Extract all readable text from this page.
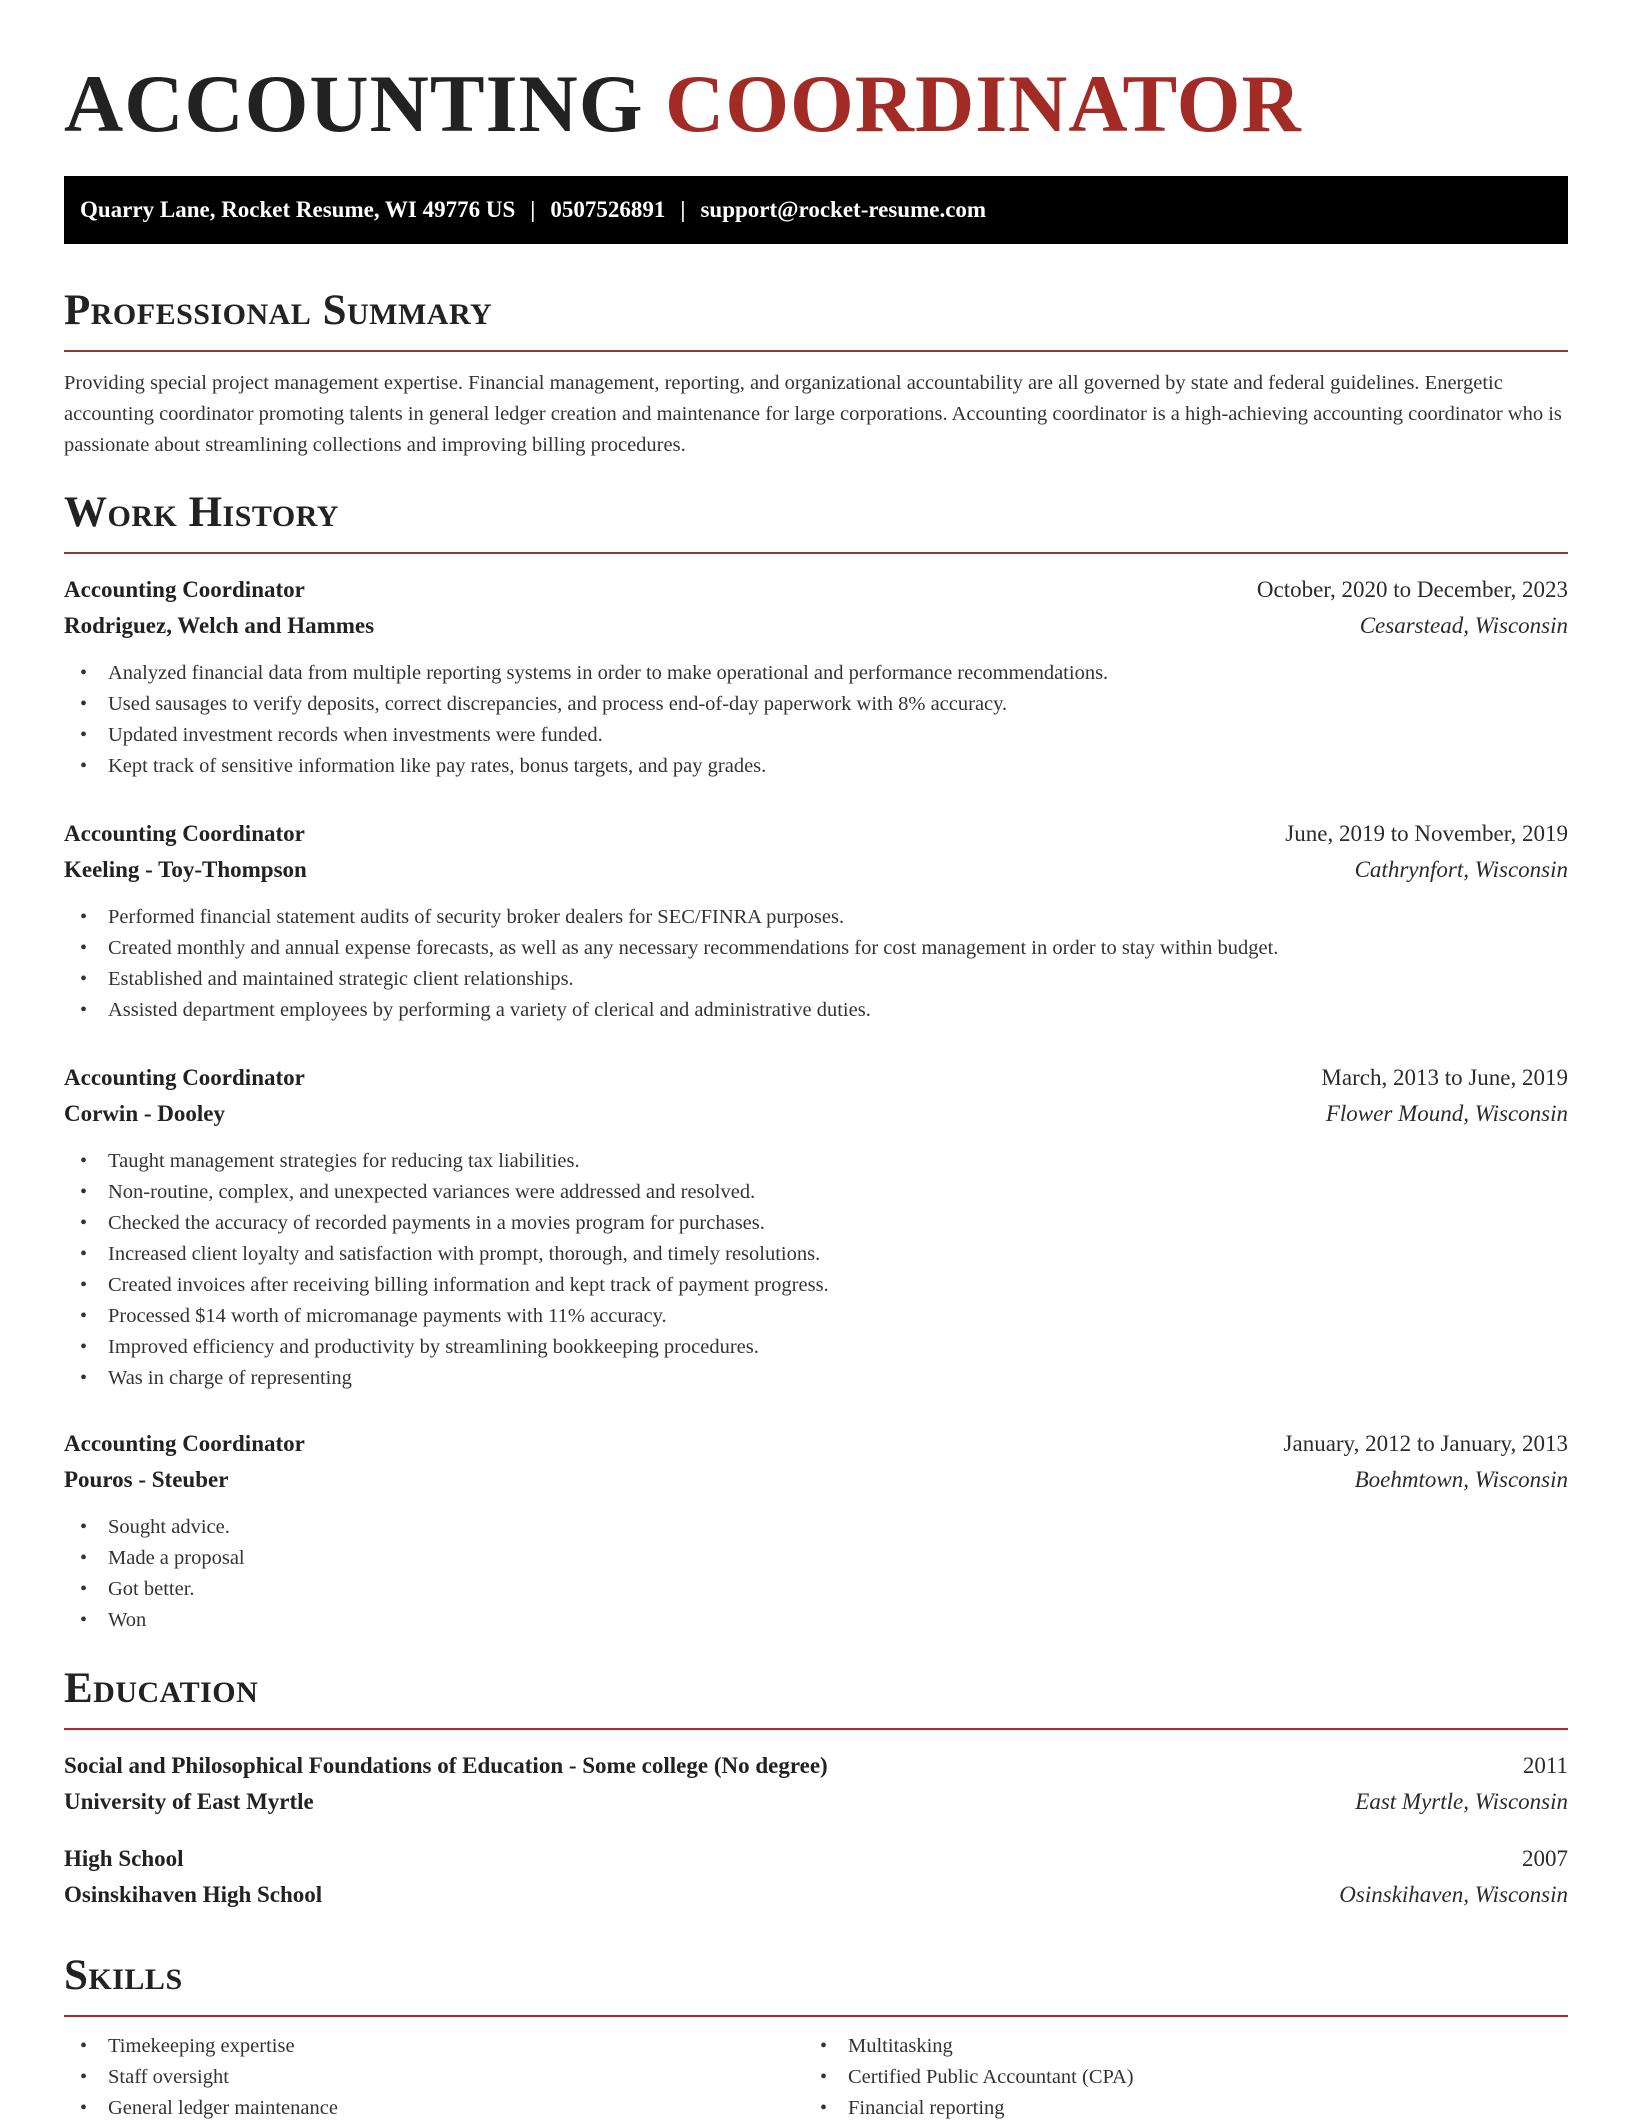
ACCOUNTING COORDINATOR
Quarry Lane, Rocket Resume, WI 49776 US | 0507526891 | support@rocket-resume.com
Professional Summary

Providing special project management expertise. Financial management, reporting, and organizational accountability are all governed by state and federal guidelines. Energetic accounting coordinator promoting talents in general ledger creation and maintenance for large corporations. Accounting coordinator is a high-achieving accounting coordinator who is passionate about streamlining collections and improving billing procedures.

Work History
Accounting Coordinator	October, 2020 to December, 2023
Rodriguez, Welch and Hammes	Cesarstead, Wisconsin
• Analyzed financial data from multiple reporting systems in order to make operational and performance recommendations.
• Used sausages to verify deposits, correct discrepancies, and process end-of-day paperwork with 8% accuracy.
• Updated investment records when investments were funded.
• Kept track of sensitive information like pay rates, bonus targets, and pay grades.
Accounting Coordinator	June, 2019 to November, 2019
Keeling - Toy-Thompson	Cathrynfort, Wisconsin
• Performed financial statement audits of security broker dealers for SEC/FINRA purposes.
• Created monthly and annual expense forecasts, as well as any necessary recommendations for cost management in order to stay within budget.
• Established and maintained strategic client relationships.
• Assisted department employees by performing a variety of clerical and administrative duties.
Accounting Coordinator	March, 2013 to June, 2019
Corwin - Dooley	Flower Mound, Wisconsin
• Taught management strategies for reducing tax liabilities.
• Non-routine, complex, and unexpected variances were addressed and resolved.
• Checked the accuracy of recorded payments in a movies program for purchases.
• Increased client loyalty and satisfaction with prompt, thorough, and timely resolutions.
• Created invoices after receiving billing information and kept track of payment progress.
• Processed $14 worth of micromanage payments with 11% accuracy.
• Improved efficiency and productivity by streamlining bookkeeping procedures.
• Was in charge of representing
Accounting Coordinator	January, 2012 to January, 2013
Pouros - Steuber	Boehmtown, Wisconsin
• Sought advice.
• Made a proposal
• Got better.
• Won
Education
Social and Philosophical Foundations of Education - Some college (No degree)	2011
University of East Myrtle	East Myrtle, Wisconsin
High School	2007
Osinskihaven High School	Osinskihaven, Wisconsin
Skills
• Timekeeping expertise
• Staff oversight
• General ledger maintenance
• Multitasking
• Certified Public Accountant (CPA)
• Financial reporting
